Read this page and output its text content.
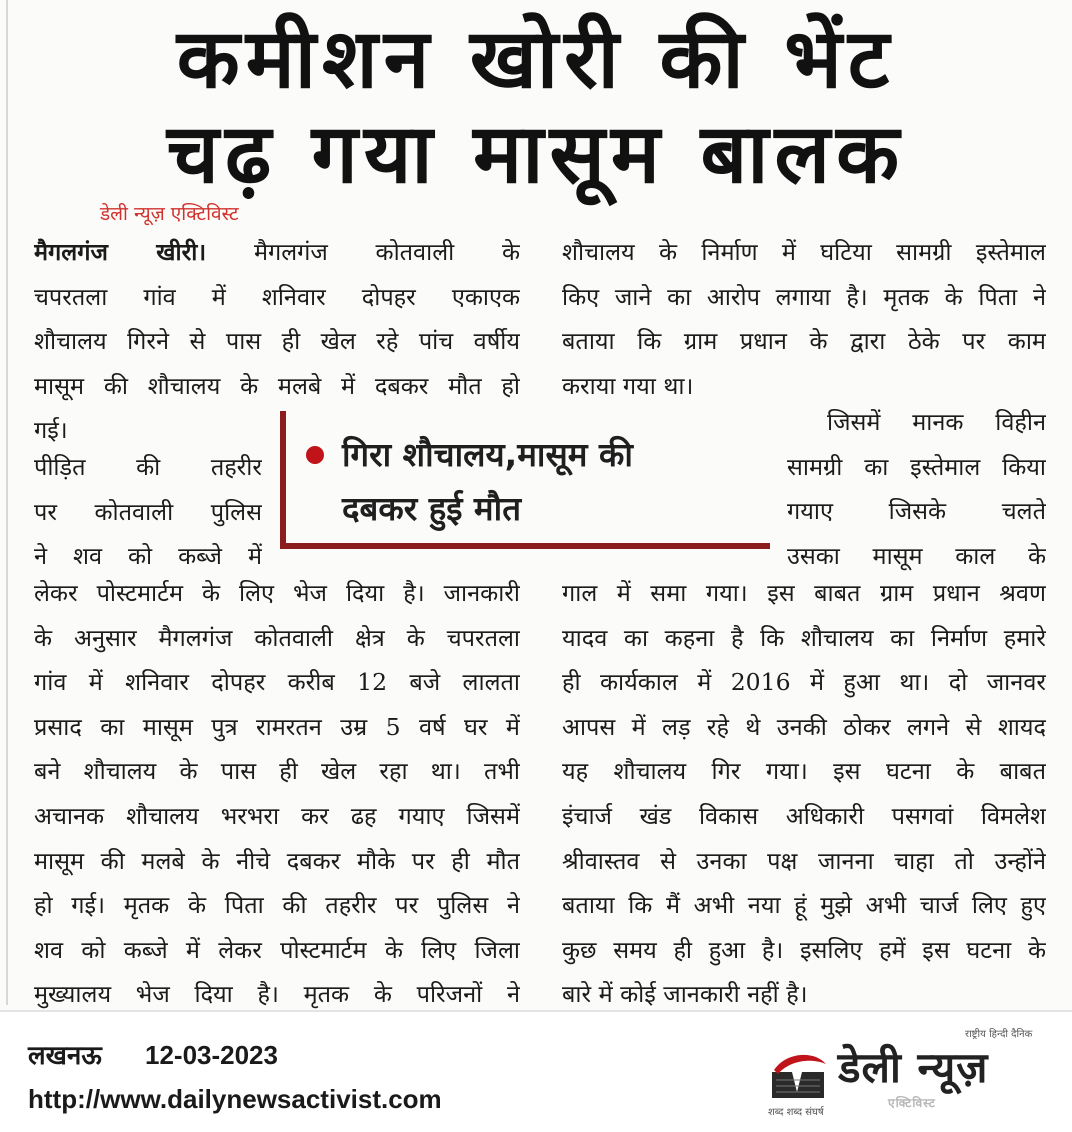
कमीशन खोरी की भेंट
चढ़ गया मासूम बालक
डेली न्यूज़ एक्टिविस्ट
मैगलगंज खीरी। मैगलगंज कोतवाली के
चपरतला गांव में शनिवार दोपहर एकाएक
शौचालय गिरने से पास ही खेल रहे पांच वर्षीय
मासूम की शौचालय के मलबे में दबकर मौत हो
गई।
पीड़ित की तहरीर
पर कोतवाली पुलिस
ने शव को कब्जे में
लेकर पोस्टमार्टम के लिए भेज दिया है। जानकारी
के अनुसार मैगलगंज कोतवाली क्षेत्र के चपरतला
गांव में शनिवार दोपहर करीब 12 बजे लालता
प्रसाद का मासूम पुत्र रामरतन उम्र 5 वर्ष घर में
बने शौचालय के पास ही खेल रहा था। तभी
अचानक शौचालय भरभरा कर ढह गयाए जिसमें
मासूम की मलबे के नीचे दबकर मौके पर ही मौत
हो गई। मृतक के पिता की तहरीर पर पुलिस ने
शव को कब्जे में लेकर पोस्टमार्टम के लिए जिला
मुख्यालय भेज दिया है। मृतक के परिजनों ने
शौचालय के निर्माण में घटिया सामग्री इस्तेमाल
किए जाने का आरोप लगाया है। मृतक के पिता ने
बताया कि ग्राम प्रधान के द्वारा ठेके पर काम
कराया गया था।
जिसमें मानक विहीन
सामग्री का इस्तेमाल किया
गयाए जिसके चलते
उसका मासूम काल के
गाल में समा गया। इस बाबत ग्राम प्रधान श्रवण
यादव का कहना है कि शौचालय का निर्माण हमारे
ही कार्यकाल में 2016 में हुआ था। दो जानवर
आपस में लड़ रहे थे उनकी ठोकर लगने से शायद
यह शौचालय गिर गया। इस घटना के बाबत
इंचार्ज खंड विकास अधिकारी पसगवां विमलेश
श्रीवास्तव से उनका पक्ष जानना चाहा तो उन्होंने
बताया कि मैं अभी नया हूं मुझे अभी चार्ज लिए हुए
कुछ समय ही हुआ है। इसलिए हमें इस घटना के
बारे में कोई जानकारी नहीं है।
गिरा शौचालय,मासूम की
दबकर हुई मौत
लखनऊ 12-03-2023
http://www.dailynewsactivist.com
राष्ट्रीय हिन्दी दैनिक
डेली न्यूज़
एक्टिविस्ट
शब्द शब्द संघर्ष
